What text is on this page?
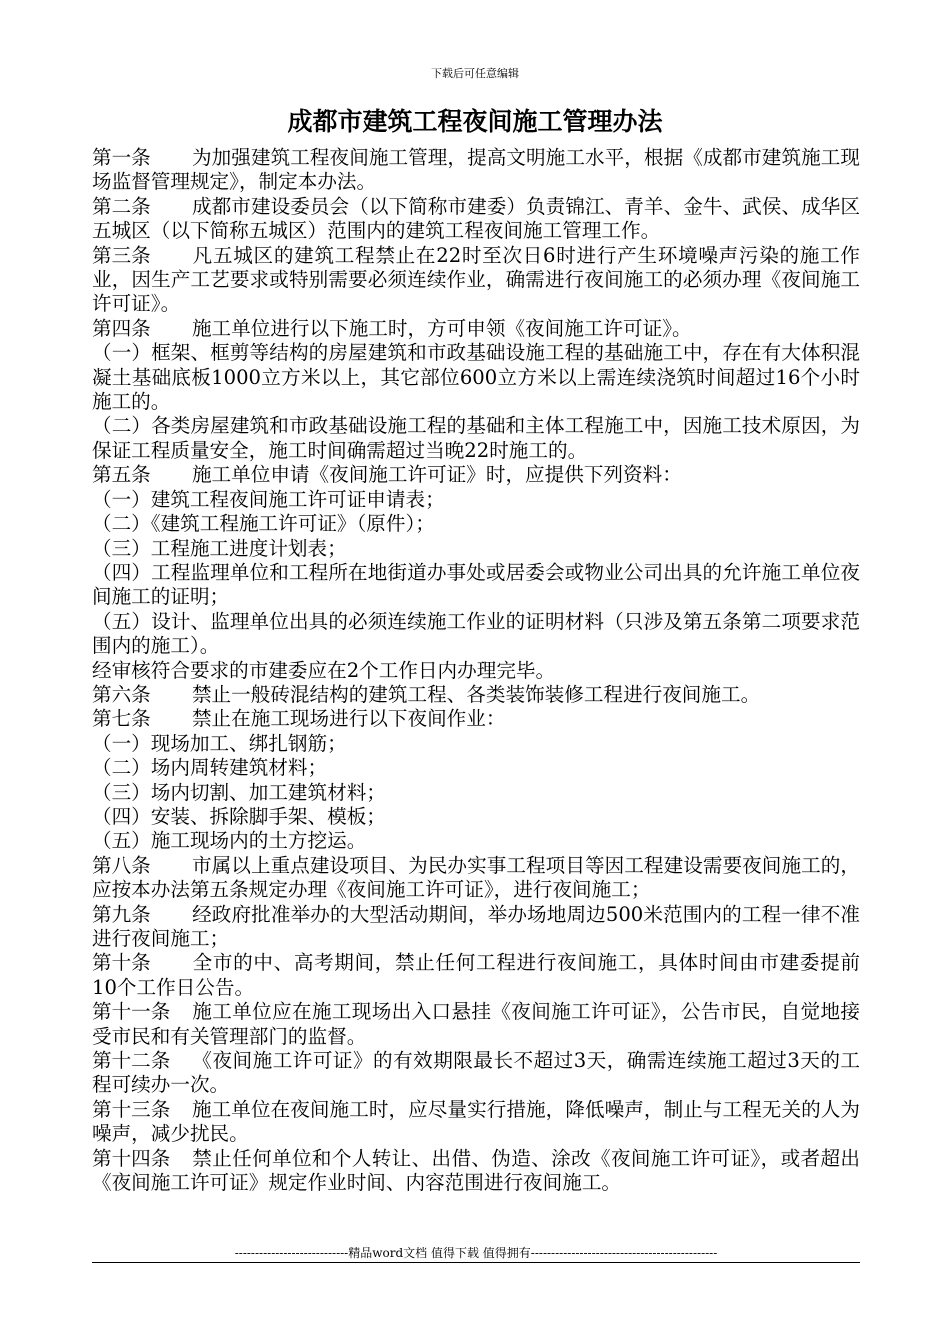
下载后可任意编辑
成都市建筑工程夜间施工管理办法

第一条 为加强建筑工程夜间施工管理，提高文明施工水平，根据《成都市建筑施工现场监督管理规定》，制定本办法。

第二条 成都市建设委员会（以下简称市建委）负责锦江、青羊、金牛、武侯、成华区五城区（以下简称五城区）范围内的建筑工程夜间施工管理工作。

第三条 凡五城区的建筑工程禁止在22时至次日6时进行产生环境噪声污染的施工作业，因生产工艺要求或特别需要必须连续作业，确需进行夜间施工的必须办理《夜间施工许可证》。

第四条 施工单位进行以下施工时，方可申领《夜间施工许可证》。

（一）框架、框剪等结构的房屋建筑和市政基础设施工程的基础施工中，存在有大体积混凝土基础底板1000立方米以上，其它部位600立方米以上需连续浇筑时间超过16个小时施工的。

（二）各类房屋建筑和市政基础设施工程的基础和主体工程施工中，因施工技术原因，为保证工程质量安全，施工时间确需超过当晚22时施工的。

第五条 施工单位申请《夜间施工许可证》时，应提供下列资料：

（一）建筑工程夜间施工许可证申请表；

（二）《建筑工程施工许可证》（原件）；

（三）工程施工进度计划表；

（四）工程监理单位和工程所在地街道办事处或居委会或物业公司出具的允许施工单位夜间施工的证明；

（五）设计、监理单位出具的必须连续施工作业的证明材料（只涉及第五条第二项要求范围内的施工）。

经审核符合要求的市建委应在2个工作日内办理完毕。

第六条 禁止一般砖混结构的建筑工程、各类装饰装修工程进行夜间施工。

第七条 禁止在施工现场进行以下夜间作业：

（一）现场加工、绑扎钢筋；

（二）场内周转建筑材料；

（三）场内切割、加工建筑材料；

（四）安装、拆除脚手架、模板；

（五）施工现场内的土方挖运。

第八条 市属以上重点建设项目、为民办实事工程项目等因工程建设需要夜间施工的，应按本办法第五条规定办理《夜间施工许可证》，进行夜间施工；

第九条 经政府批准举办的大型活动期间，举办场地周边500米范围内的工程一律不准进行夜间施工；

第十条 全市的中、高考期间，禁止任何工程进行夜间施工，具体时间由市建委提前10个工作日公告。

第十一条 施工单位应在施工现场出入口悬挂《夜间施工许可证》，公告市民，自觉地接受市民和有关管理部门的监督。

第十二条 《夜间施工许可证》的有效期限最长不超过3天，确需连续施工超过3天的工程可续办一次。

第十三条 施工单位在夜间施工时，应尽量实行措施，降低噪声，制止与工程无关的人为噪声，减少扰民。

第十四条 禁止任何单位和个人转让、出借、伪造、涂改《夜间施工许可证》，或者超出《夜间施工许可证》规定作业时间、内容范围进行夜间施工。

----------------------------精品word文档 值得下载 值得拥有----------------------------------------------
